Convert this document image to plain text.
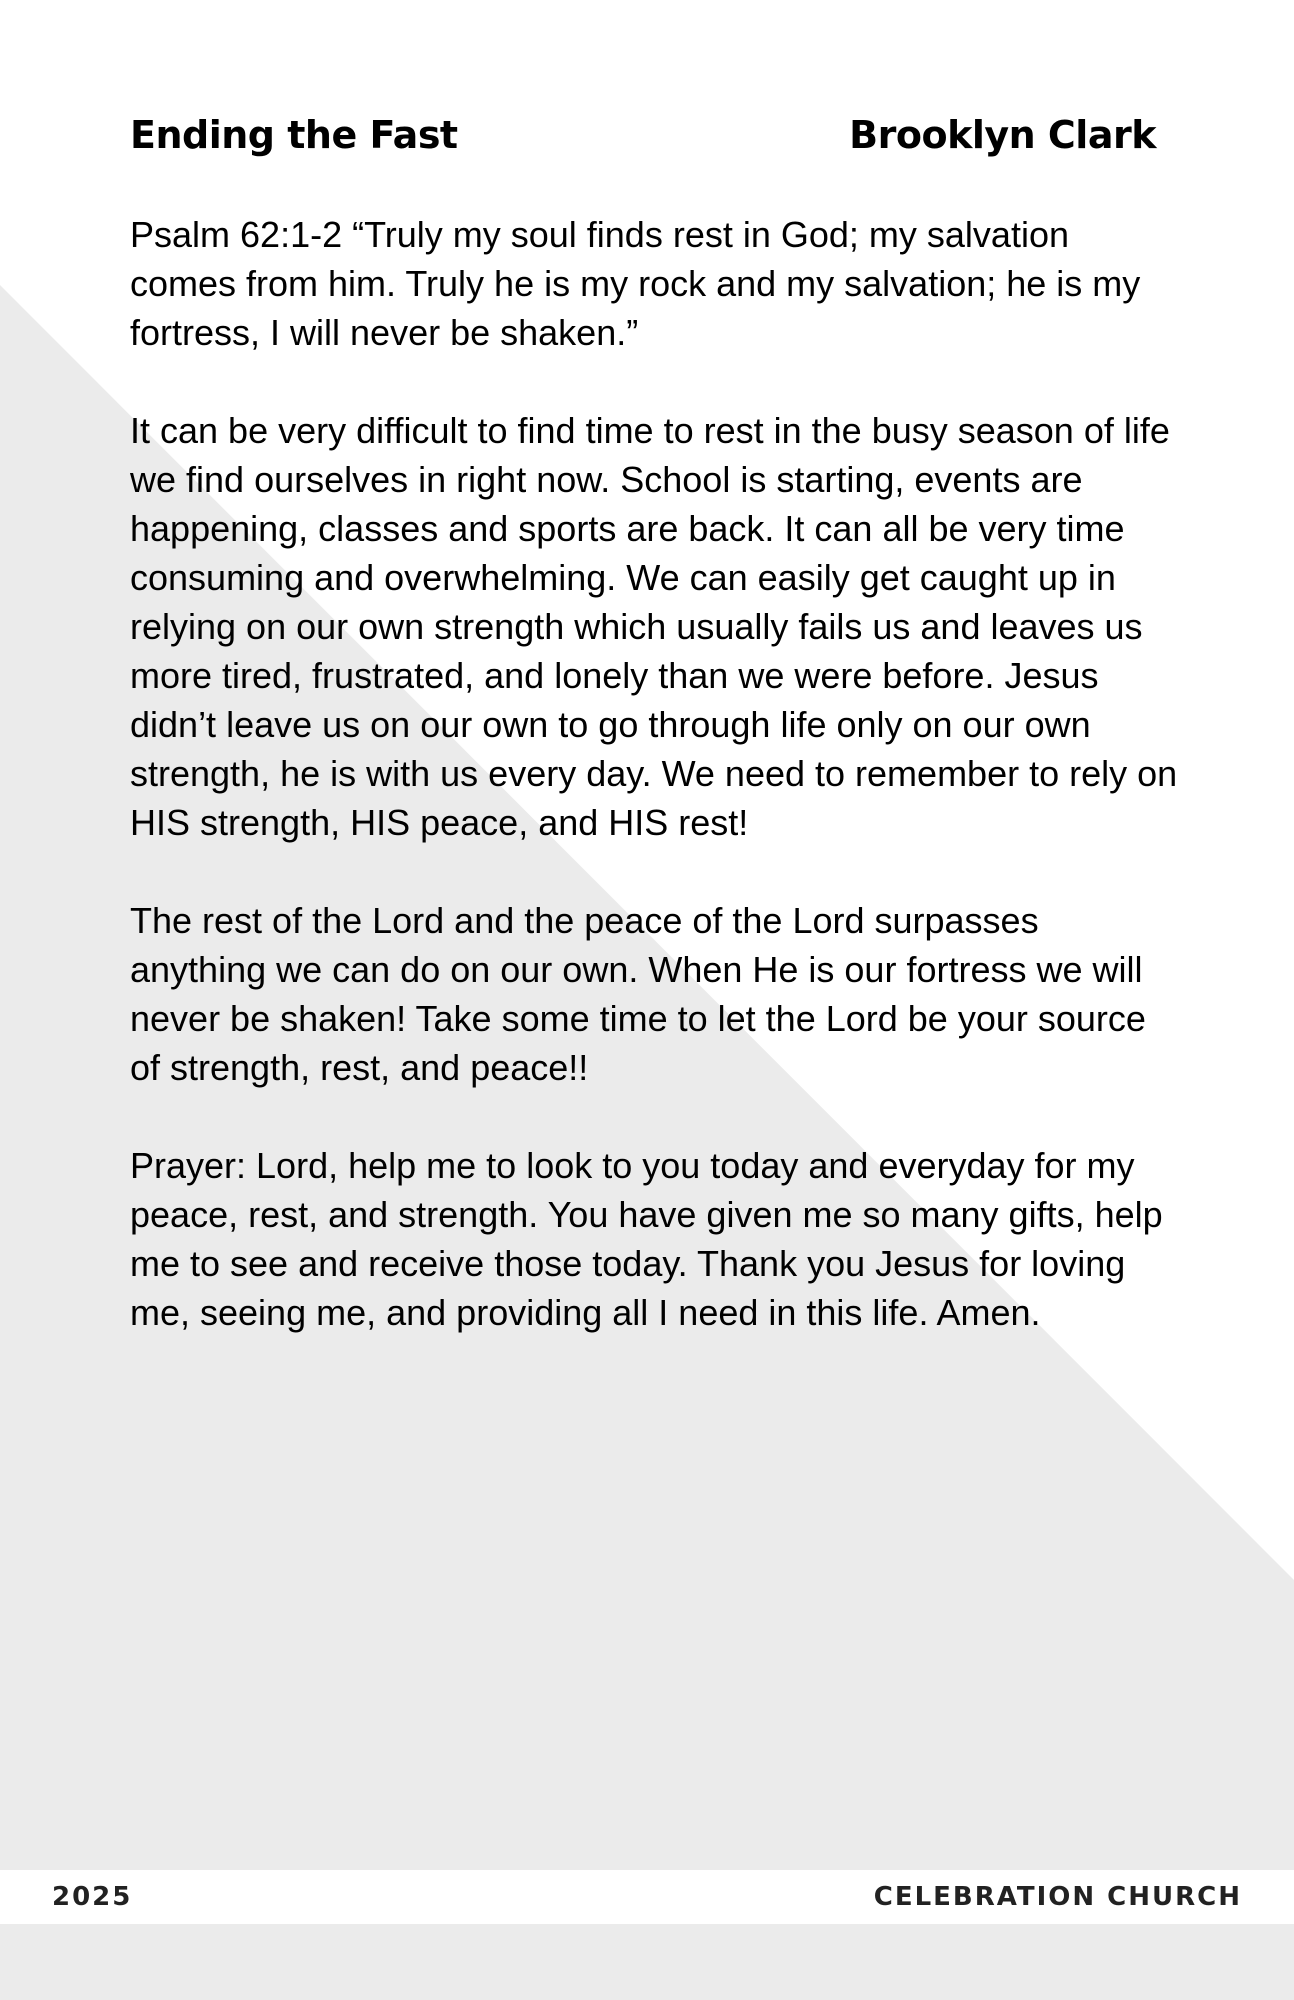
Ending the Fast	Brooklyn Clark

Psalm 62:1-2 “Truly my soul finds rest in God; my salvation comes from him. Truly he is my rock and my salvation; he is my fortress, I will never be shaken.”

It can be very difficult to find time to rest in the busy season of life we find ourselves in right now. School is starting, events are happening, classes and sports are back. It can all be very time consuming and overwhelming. We can easily get caught up in relying on our own strength which usually fails us and leaves us more tired, frustrated, and lonely than we were before. Jesus didn’t leave us on our own to go through life only on our own strength, he is with us every day. We need to remember to rely on HIS strength, HIS peace, and HIS rest!

The rest of the Lord and the peace of the Lord surpasses anything we can do on our own. When He is our fortress we will never be shaken! Take some time to let the Lord be your source of strength, rest, and peace!!

Prayer: Lord, help me to look to you today and everyday for my peace, rest, and strength. You have given me so many gifts, help me to see and receive those today. Thank you Jesus for loving me, seeing me, and providing all I need in this life. Amen.

2025	CELEBRATION CHURCH
